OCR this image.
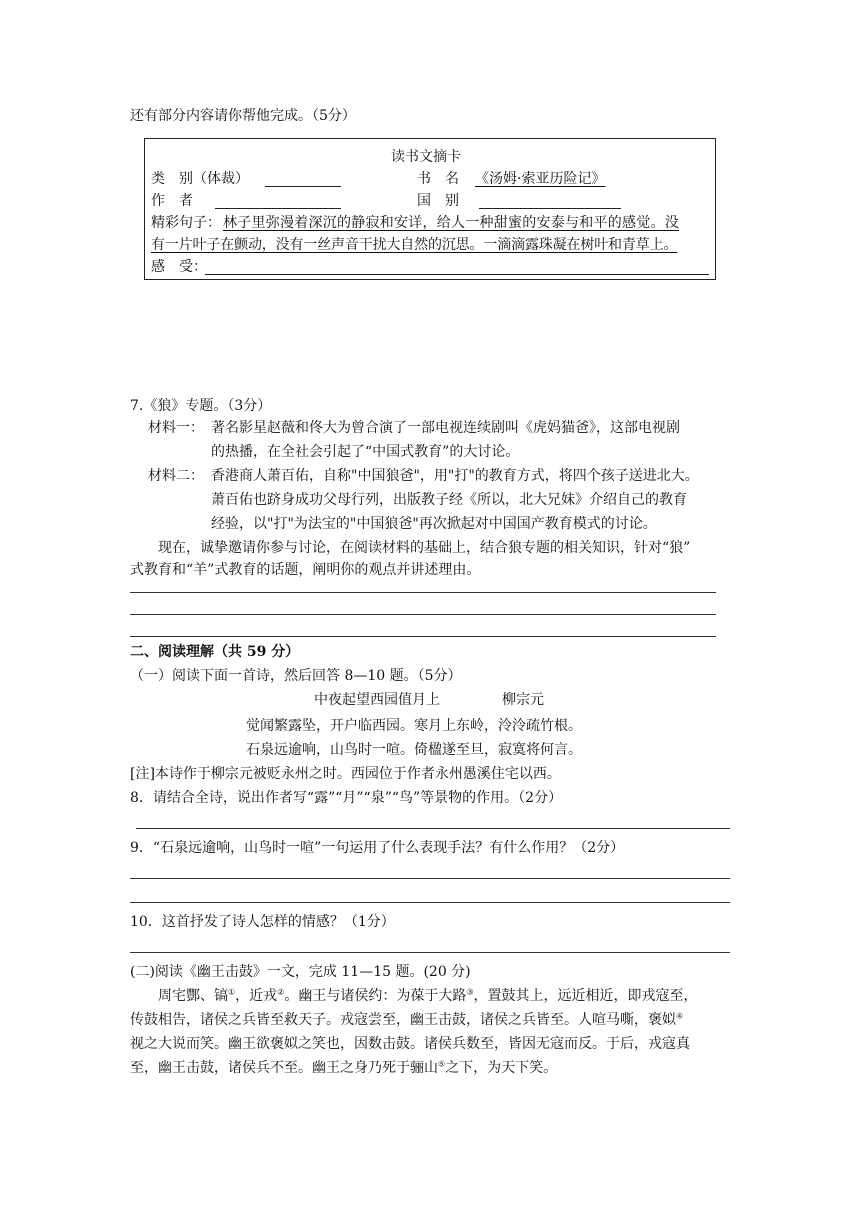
还有部分内容请你帮他完成。（5分）
读书文摘卡
类　别（体裁）	书　名 《汤姆·索亚历险记》
作　者	国　别
精彩句子： 林子里弥漫着深沉的静寂和安详，给人一种甜蜜的安泰与和平的感觉。没
有一片叶子在颤动，没有一丝声音干扰大自然的沉思。一滴滴露珠凝在树叶和青草上。
感　受：
7.《狼》专题。（3分）
材料一： 著名影星赵薇和佟大为曾合演了一部电视连续剧叫《虎妈猫爸》，这部电视剧
的热播，在全社会引起了“中国式教育”的大讨论。
材料二： 香港商人萧百佑，自称"中国狼爸"，用"打"的教育方式，将四个孩子送进北大。
萧百佑也跻身成功父母行列，出版教子经《所以，北大兄妹》介绍自己的教育
经验，以"打"为法宝的"中国狼爸"再次掀起对中国国产教育模式的讨论。
现在，诚挚邀请你参与讨论，在阅读材料的基础上，结合狼专题的相关知识，针对“狼”
式教育和“羊”式教育的话题，阐明你的观点并讲述理由。
二、阅读理解（共 59 分）
（一）阅读下面一首诗，然后回答 8—10 题。（5分）
中夜起望西园值月上	柳宗元
觉闻繁露坠，开户临西园。寒月上东岭，泠泠疏竹根。
石泉远逾响，山鸟时一喧。倚楹遂至旦，寂寞将何言。
[注]本诗作于柳宗元被贬永州之时。西园位于作者永州愚溪住宅以西。
8．请结合全诗，说出作者写“露”“月”“泉”“鸟”等景物的作用。（2分）
9．“石泉远逾响，山鸟时一喧”一句运用了什么表现手法？有什么作用？（2分）
10．这首抒发了诗人怎样的情感？（1分）
(二)阅读《幽王击鼓》一文，完成 11—15 题。(20 分)
周宅酆、镐①，近戎②。幽王与诸侯约：为葆于大路③，置鼓其上，远近相近，即戎寇至，
传鼓相告，诸侯之兵皆至救天子。戎寇尝至，幽王击鼓，诸侯之兵皆至。人喧马嘶，褒姒④
视之大说而笑。幽王欲褒姒之笑也，因数击鼓。诸侯兵数至，皆因无寇而反。于后，戎寇真
至，幽王击鼓，诸侯兵不至。幽王之身乃死于骊山⑤之下，为天下笑。
